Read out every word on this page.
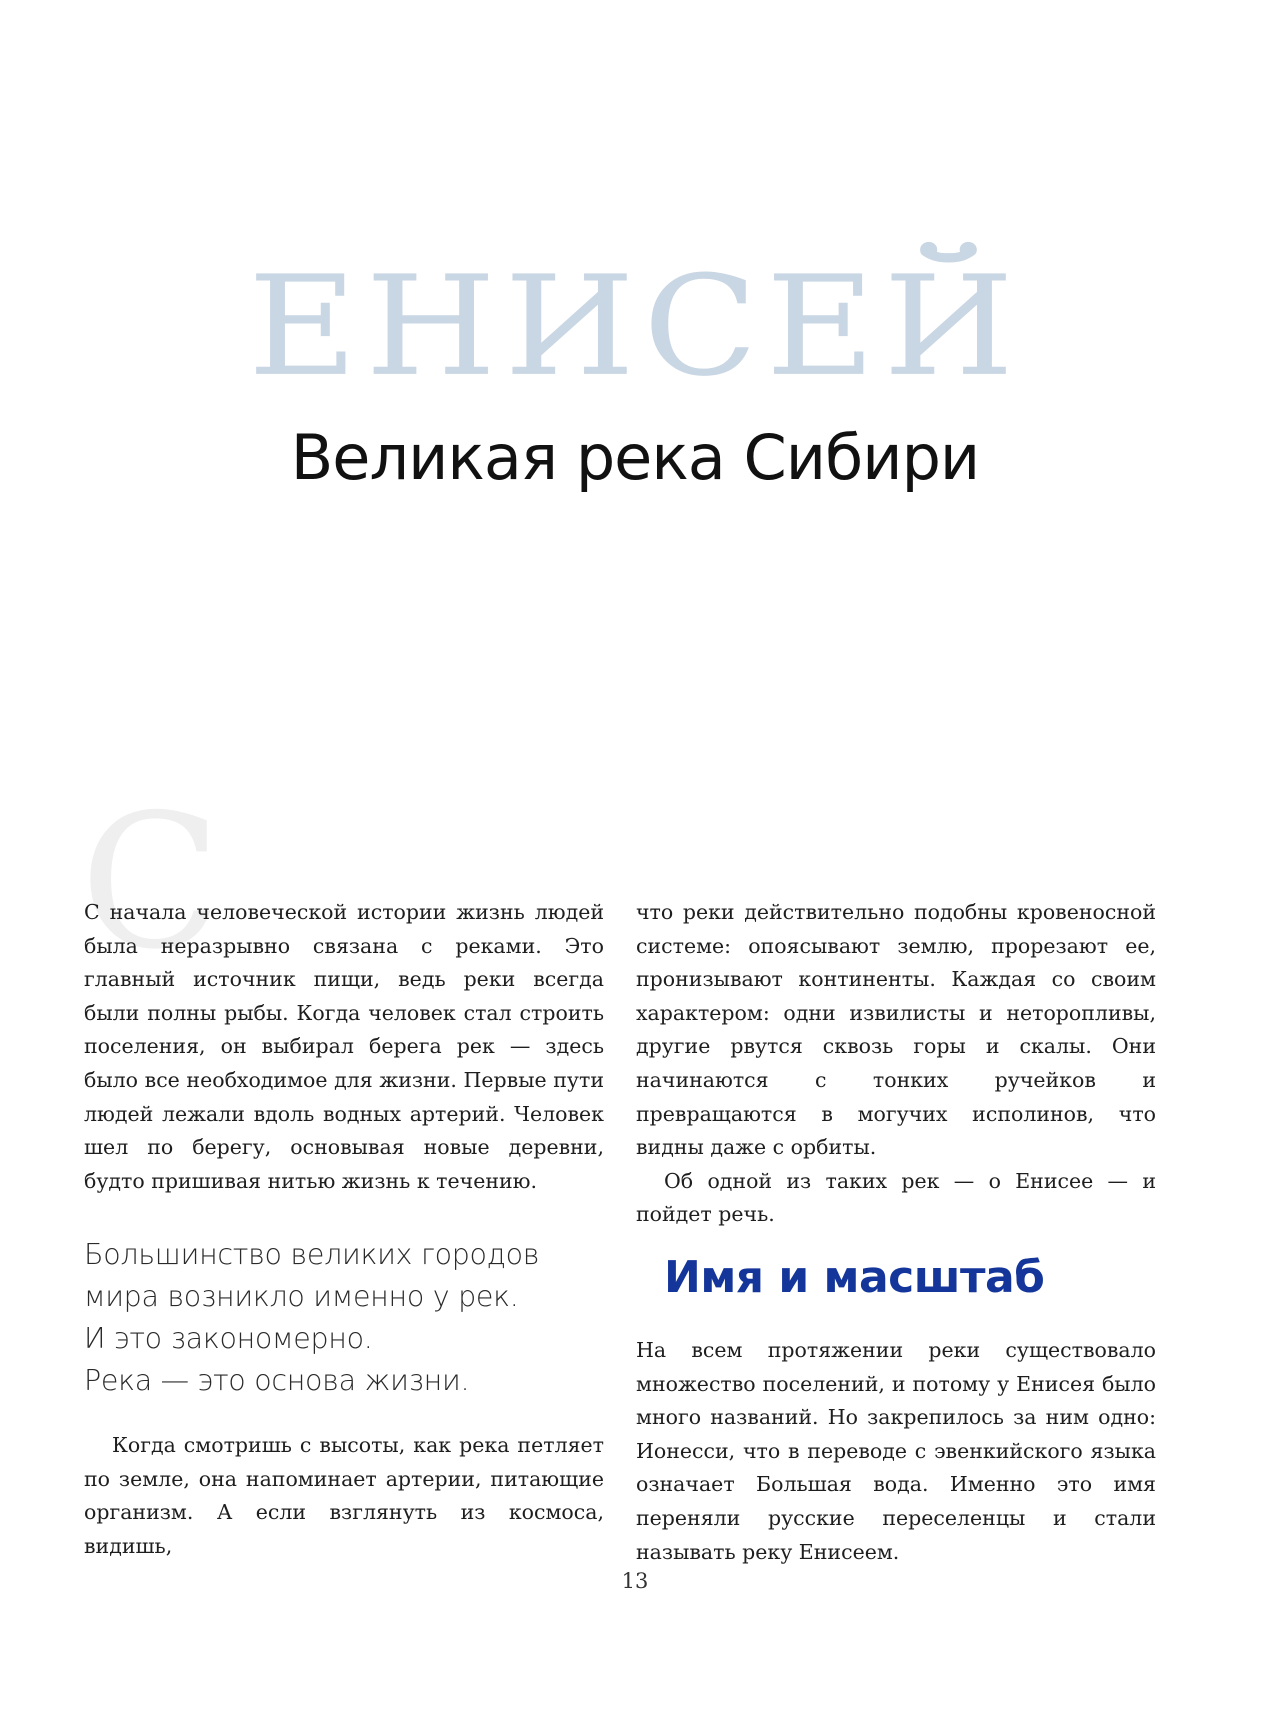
ЕНИСЕЙ
Великая река Сибири
С

С начала человеческой истории жизнь людей была неразрывно связана с реками. Это главный источник пищи, ведь реки всегда были полны рыбы. Когда человек стал строить поселения, он выбирал берега рек — здесь было все необходимое для жизни. Первые пути людей лежали вдоль водных артерий. Человек шел по берегу, основывая новые деревни, будто пришивая нитью жизнь к течению.

Большинство великих городов
мира возникло именно у рек.
И это закономерно.
Река — это основа жизни.

Когда смотришь с высоты, как река петляет по земле, она напоминает артерии, питающие организм. А если взглянуть из космоса, видишь,

что реки действительно подобны кровеносной системе: опоясывают землю, прорезают ее, пронизывают континенты. Каждая со своим характером: одни извилисты и неторопливы, другие рвутся сквозь горы и скалы. Они начинаются с тонких ручейков и превращаются в могучих исполинов, что видны даже с орбиты.

Об одной из таких рек — о Енисее — и пойдет речь.

Имя и масштаб

На всем протяжении реки существовало множество поселений, и потому у Енисея было много названий. Но закрепилось за ним одно: Ионесси, что в переводе с эвенкийского языка означает Большая вода. Именно это имя переняли русские переселенцы и стали называть реку Енисеем.

13
